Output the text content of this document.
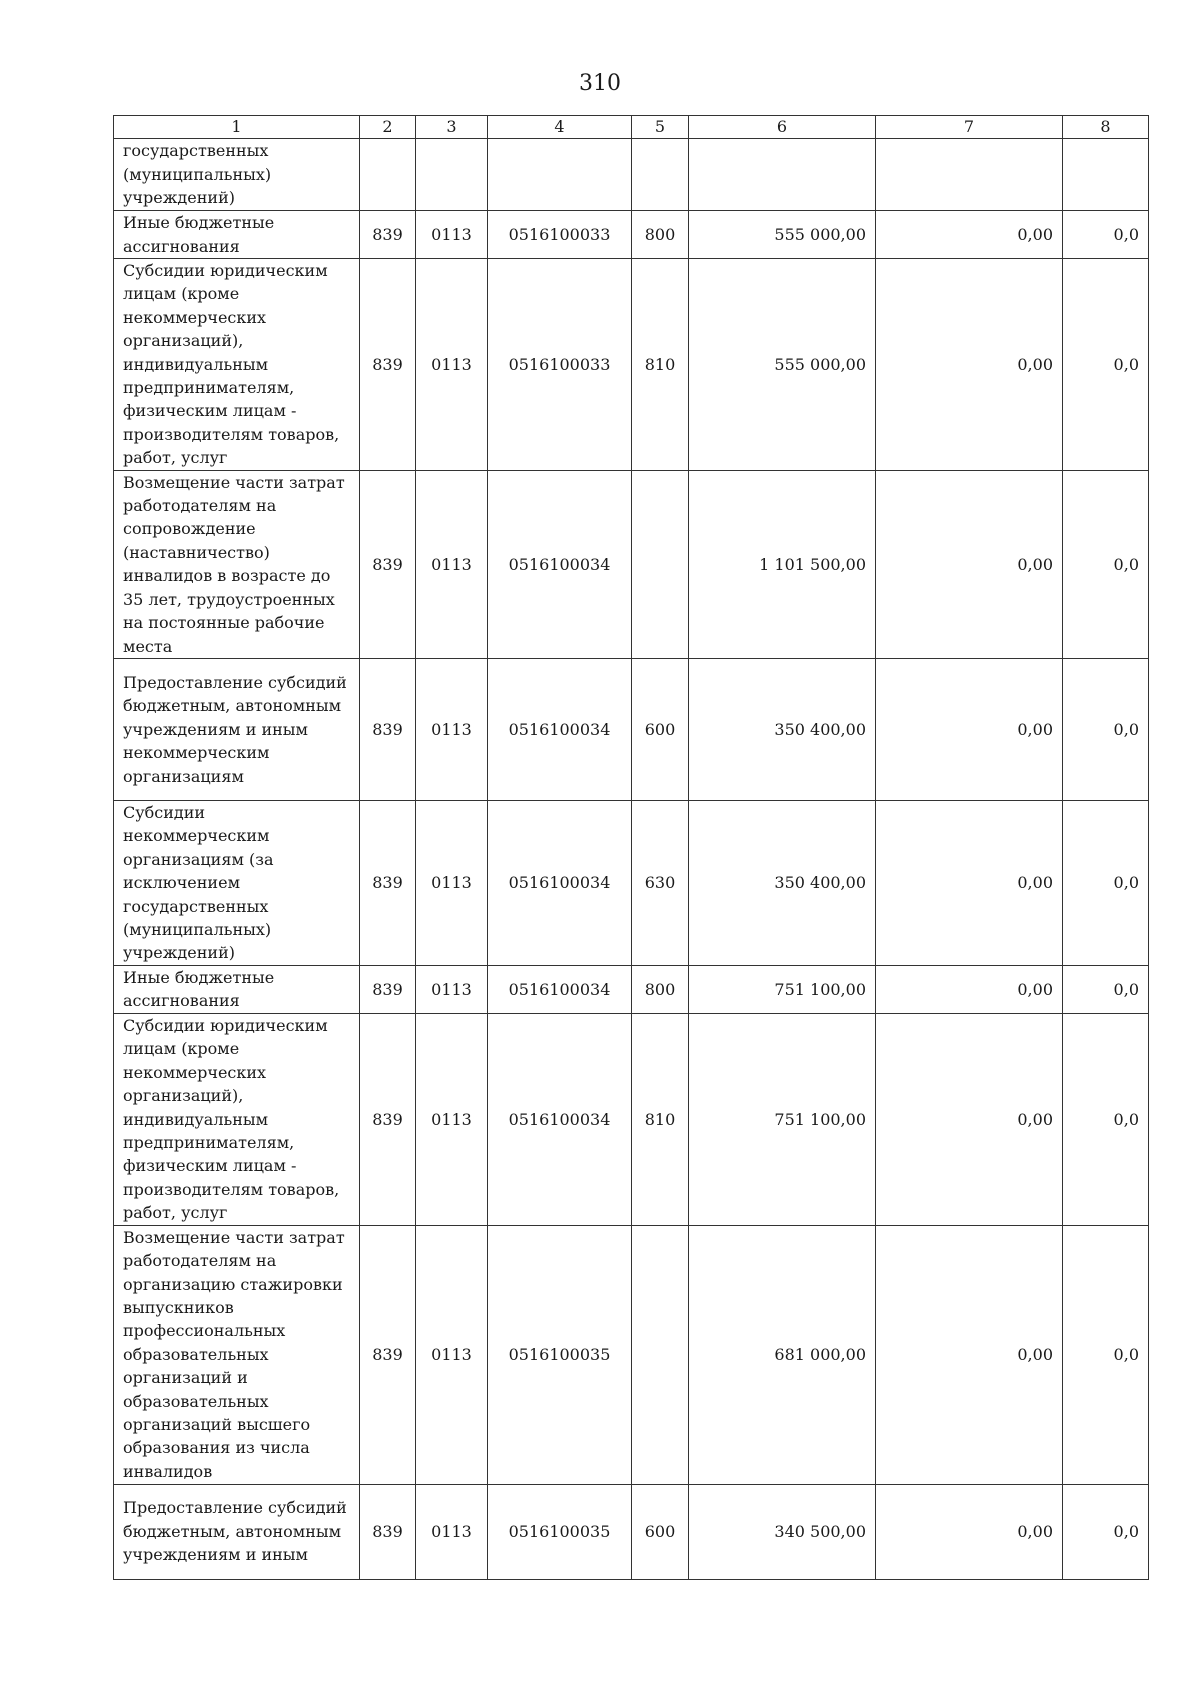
310
1	2	3	4	5	6	7	8
государственных (муниципальных) учреждений)							
Иные бюджетные ассигнования	839	0113	0516100033	800	555 000,00	0,00	0,0
Субсидии юридическим лицам (кроме некоммерческих организаций), индивидуальным предпринимателям, физическим лицам - производителям товаров, работ, услуг	839	0113	0516100033	810	555 000,00	0,00	0,0
Возмещение части затрат работодателям на сопровождение (наставничество) инвалидов в возрасте до 35 лет, трудоустроенных на постоянные рабочие места	839	0113	0516100034		1 101 500,00	0,00	0,0
Предоставление субсидий бюджетным, автономным учреждениям и иным некоммерческим организациям	839	0113	0516100034	600	350 400,00	0,00	0,0
Субсидии некоммерческим организациям (за исключением государственных (муниципальных) учреждений)	839	0113	0516100034	630	350 400,00	0,00	0,0
Иные бюджетные ассигнования	839	0113	0516100034	800	751 100,00	0,00	0,0
Субсидии юридическим лицам (кроме некоммерческих организаций), индивидуальным предпринимателям, физическим лицам - производителям товаров, работ, услуг	839	0113	0516100034	810	751 100,00	0,00	0,0
Возмещение части затрат работодателям на организацию стажировки выпускников профессиональных образовательных организаций и образовательных организаций высшего образования из числа инвалидов	839	0113	0516100035		681 000,00	0,00	0,0
Предоставление субсидий бюджетным, автономным учреждениям и иным	839	0113	0516100035	600	340 500,00	0,00	0,0
